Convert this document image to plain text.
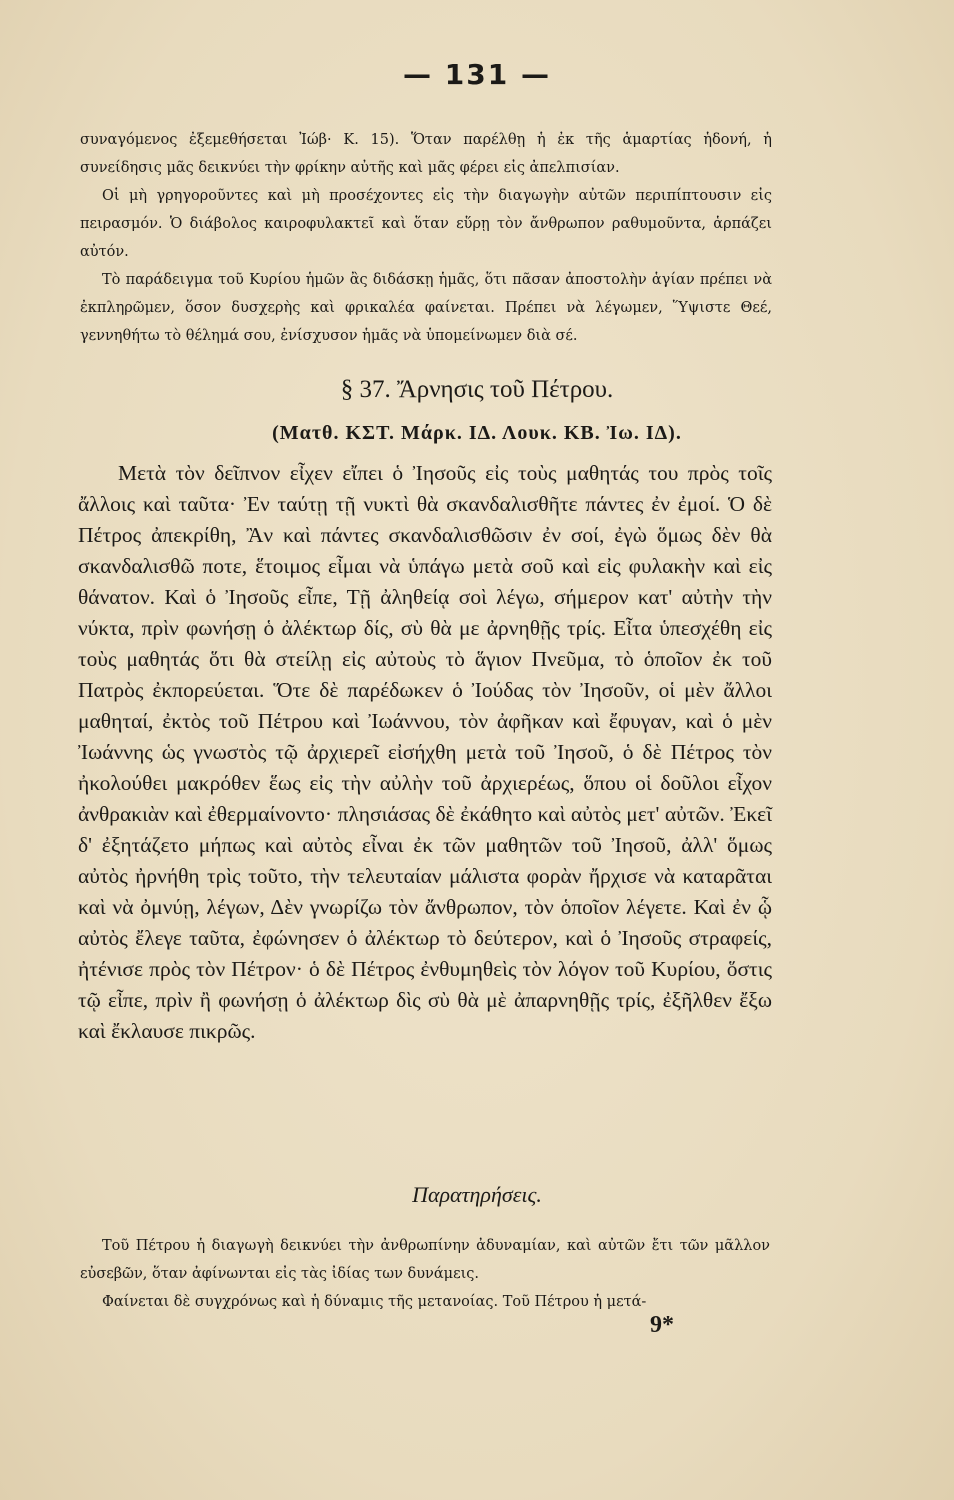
— 131 —

συναγόμενος ἐξεμεθήσεται Ἰώβ· Κ. 15). Ὅταν παρέλθῃ ἡ ἐκ τῆς ἁμαρτίας ἡδονή, ἡ συνείδησις μᾶς δεικνύει τὴν φρίκην αὐτῆς καὶ μᾶς φέρει εἰς ἀπελπισίαν.

Οἱ μὴ γρηγοροῦντες καὶ μὴ προσέχοντες εἰς τὴν διαγωγὴν αὐτῶν περιπίπτουσιν εἰς πειρασμόν. Ὁ διάβολος καιροφυλακτεῖ καὶ ὅταν εὕρῃ τὸν ἄνθρωπον ραθυμοῦντα, ἁρπάζει αὐτόν.

Τὸ παράδειγμα τοῦ Κυρίου ἡμῶν ἂς διδάσκῃ ἡμᾶς, ὅτι πᾶσαν ἀποστολὴν ἁγίαν πρέπει νὰ ἐκπληρῶμεν, ὅσον δυσχερὴς καὶ φρικαλέα φαίνεται. Πρέπει νὰ λέγωμεν, Ὕψιστε Θεέ, γεννηθήτω τὸ θέλημά σου, ἐνίσχυσον ἡμᾶς νὰ ὑπομείνωμεν διὰ σέ.

§ 37. Ἄρνησις τοῦ Πέτρου.
(Ματθ. ΚΣΤ. Μάρκ. ΙΔ. Λουκ. ΚΒ. Ἰω. ΙΔ).

Μετὰ τὸν δεῖπνον εἶχεν εἴπει ὁ Ἰησοῦς εἰς τοὺς μαθητάς του πρὸς τοῖς ἄλλοις καὶ ταῦτα· Ἐν ταύτῃ τῇ νυκτὶ θὰ σκανδαλισθῆτε πάντες ἐν ἐμοί. Ὁ δὲ Πέτρος ἀπεκρίθη, Ἂν καὶ πάντες σκανδαλισθῶσιν ἐν σοί, ἐγὼ ὅμως δὲν θὰ σκανδαλισθῶ ποτε, ἕτοιμος εἶμαι νὰ ὑπάγω μετὰ σοῦ καὶ εἰς φυλακὴν καὶ εἰς θάνατον. Καὶ ὁ Ἰησοῦς εἶπε, Τῇ ἀληθείᾳ σοὶ λέγω, σήμερον κατ' αὐτὴν τὴν νύκτα, πρὶν φωνήσῃ ὁ ἀλέκτωρ δίς, σὺ θὰ με ἀρνηθῇς τρίς. Εἶτα ὑπεσχέθη εἰς τοὺς μαθητάς ὅτι θὰ στείλῃ εἰς αὐτοὺς τὸ ἅγιον Πνεῦμα, τὸ ὁποῖον ἐκ τοῦ Πατρὸς ἐκπορεύεται. Ὅτε δὲ παρέδωκεν ὁ Ἰούδας τὸν Ἰησοῦν, οἱ μὲν ἄλλοι μαθηταί, ἐκτὸς τοῦ Πέτρου καὶ Ἰωάννου, τὸν ἀφῆκαν καὶ ἔφυγαν, καὶ ὁ μὲν Ἰωάννης ὡς γνωστὸς τῷ ἀρχιερεῖ εἰσήχθη μετὰ τοῦ Ἰησοῦ, ὁ δὲ Πέτρος τὸν ἠκολούθει μακρόθεν ἕως εἰς τὴν αὐλὴν τοῦ ἀρχιερέως, ὅπου οἱ δοῦλοι εἶχον ἀνθρακιὰν καὶ ἐθερμαίνοντο· πλησιάσας δὲ ἐκάθητο καὶ αὐτὸς μετ' αὐτῶν. Ἐκεῖ δ' ἐξητάζετο μήπως καὶ αὐτὸς εἶναι ἐκ τῶν μαθητῶν τοῦ Ἰησοῦ, ἀλλ' ὅμως αὐτὸς ἠρνήθη τρὶς τοῦτο, τὴν τελευταίαν μάλιστα φορὰν ἤρχισε νὰ καταρᾶται καὶ νὰ ὀμνύῃ, λέγων, Δὲν γνωρίζω τὸν ἄνθρωπον, τὸν ὁποῖον λέγετε. Καὶ ἐν ᾧ αὐτὸς ἔλεγε ταῦτα, ἐφώνησεν ὁ ἀλέκτωρ τὸ δεύτερον, καὶ ὁ Ἰησοῦς στραφείς, ἠτένισε πρὸς τὸν Πέτρον· ὁ δὲ Πέτρος ἐνθυμηθεὶς τὸν λόγον τοῦ Κυρίου, ὅστις τῷ εἶπε, πρὶν ἢ φωνήσῃ ὁ ἀλέκτωρ δὶς σὺ θὰ μὲ ἀπαρνηθῇς τρίς, ἐξῆλθεν ἔξω καὶ ἔκλαυσε πικρῶς.

Παρατηρήσεις.

Τοῦ Πέτρου ἡ διαγωγὴ δεικνύει τὴν ἀνθρωπίνην ἀδυναμίαν, καὶ αὐτῶν ἔτι τῶν μᾶλλον εὐσεβῶν, ὅταν ἀφίνωνται εἰς τὰς ἰδίας των δυνάμεις.

Φαίνεται δὲ συγχρόνως καὶ ἡ δύναμις τῆς μετανοίας. Τοῦ Πέτρου ἡ μετά-

9*
